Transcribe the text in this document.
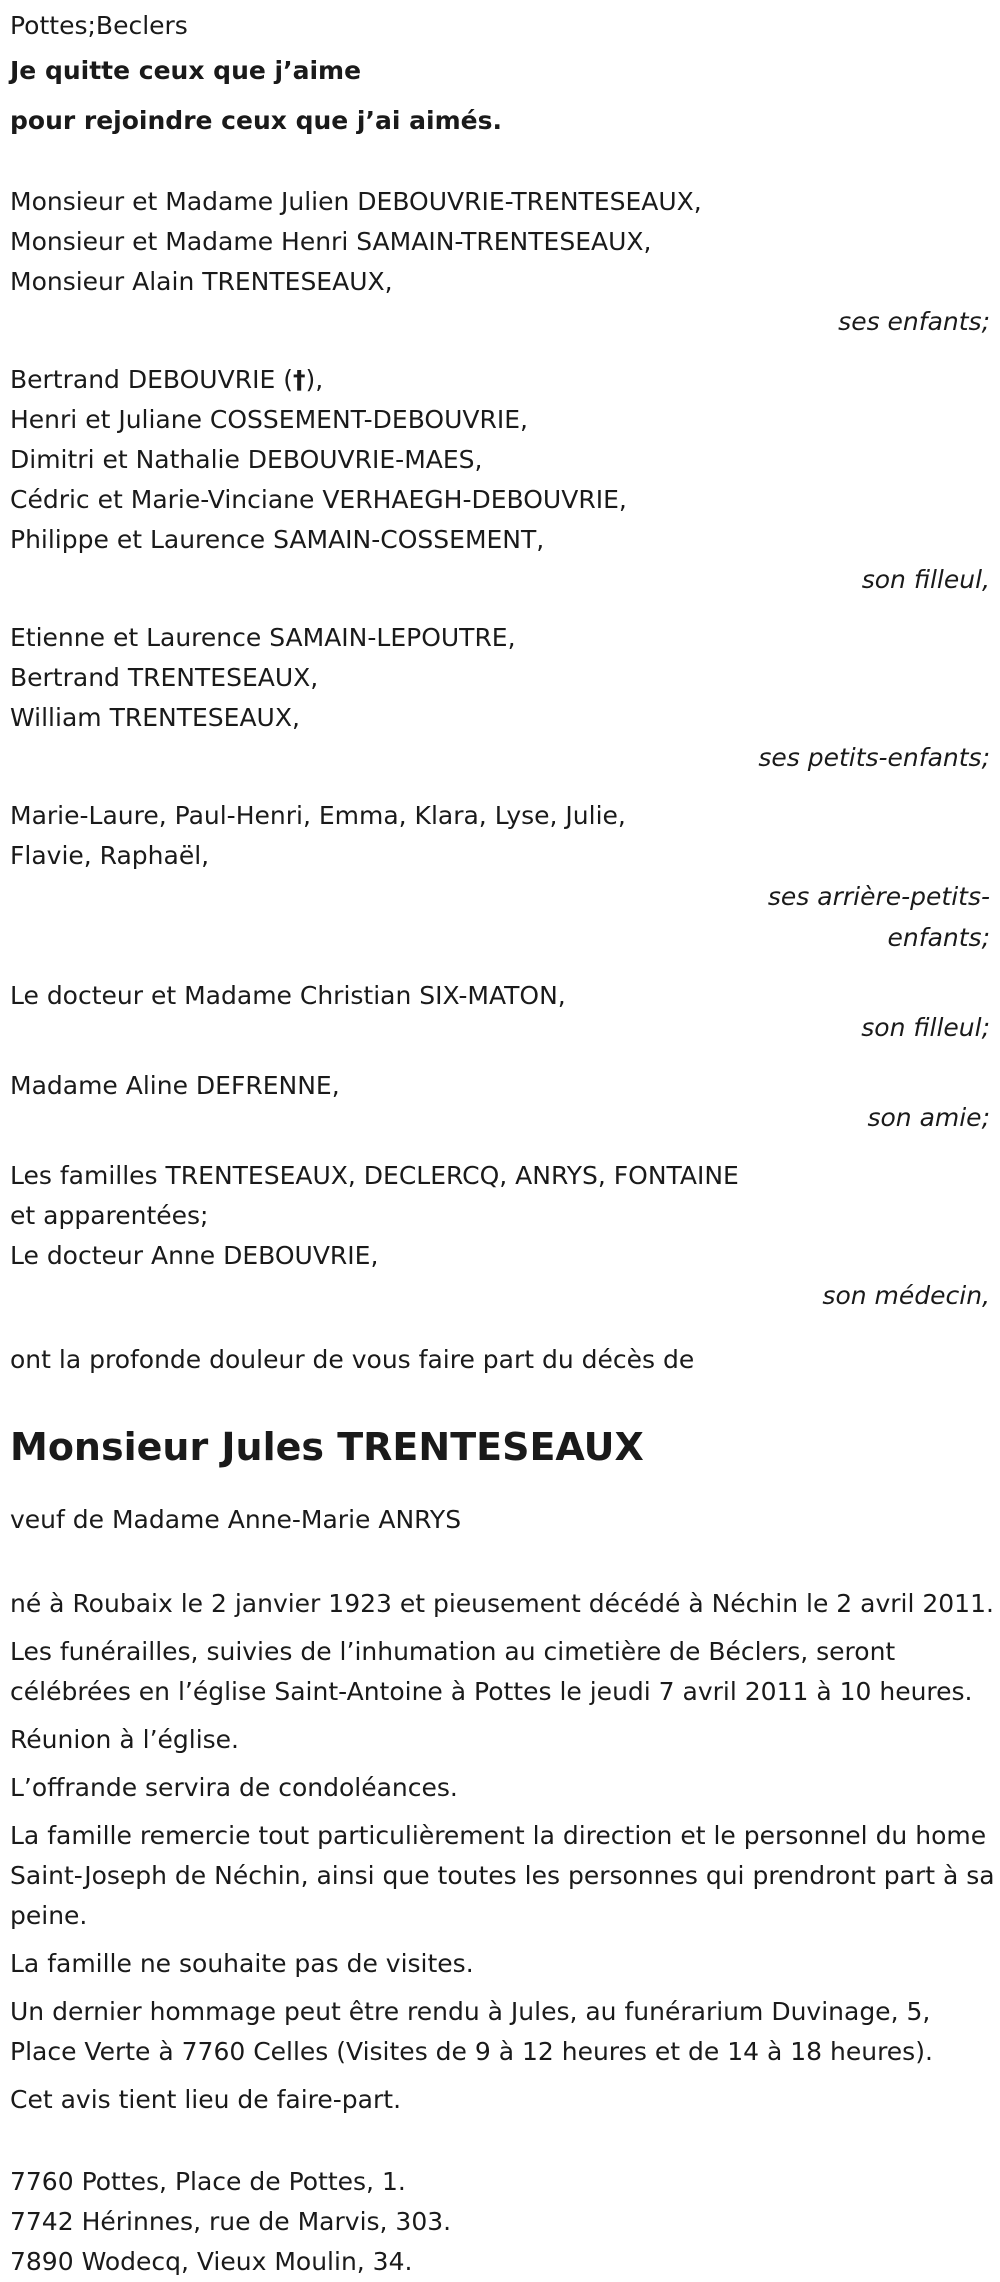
Pottes;Beclers
Je quitte ceux que j’aime
pour rejoindre ceux que j’ai aimés.
Monsieur et Madame Julien DEBOUVRIE-TRENTESEAUX,
Monsieur et Madame Henri SAMAIN-TRENTESEAUX,
Monsieur Alain TRENTESEAUX,
ses enfants;
Bertrand DEBOUVRIE (†),
Henri et Juliane COSSEMENT-DEBOUVRIE,
Dimitri et Nathalie DEBOUVRIE-MAES,
Cédric et Marie-Vinciane VERHAEGH-DEBOUVRIE,
Philippe et Laurence SAMAIN-COSSEMENT,
son filleul,
Etienne et Laurence SAMAIN-LEPOUTRE,
Bertrand TRENTESEAUX,
William TRENTESEAUX,
ses petits-enfants;
Marie-Laure, Paul-Henri, Emma, Klara, Lyse, Julie,
Flavie, Raphaël,
ses arrière-petits-
enfants;
Le docteur et Madame Christian SIX-MATON,
son filleul;
Madame Aline DEFRENNE,
son amie;
Les familles TRENTESEAUX, DECLERCQ, ANRYS, FONTAINE
et apparentées;
Le docteur Anne DEBOUVRIE,
son médecin,
ont la profonde douleur de vous faire part du décès de
Monsieur Jules TRENTESEAUX
veuf de Madame Anne-Marie ANRYS
né à Roubaix le 2 janvier 1923 et pieusement décédé à Néchin le 2 avril 2011.
Les funérailles, suivies de l’inhumation au cimetière de Béclers, seront célébrées en l’église Saint-Antoine à Pottes le jeudi 7 avril 2011 à 10 heures.
Réunion à l’église.
L’offrande servira de condoléances.
La famille remercie tout particulièrement la direction et le personnel du home Saint-Joseph de Néchin, ainsi que toutes les personnes qui prendront part à sa peine.
La famille ne souhaite pas de visites.
Un dernier hommage peut être rendu à Jules, au funérarium Duvinage, 5, Place Verte à 7760 Celles (Visites de 9 à 12 heures et de 14 à 18 heures).
Cet avis tient lieu de faire-part.
7760 Pottes, Place de Pottes, 1.
7742 Hérinnes, rue de Marvis, 303.
7890 Wodecq, Vieux Moulin, 34.
